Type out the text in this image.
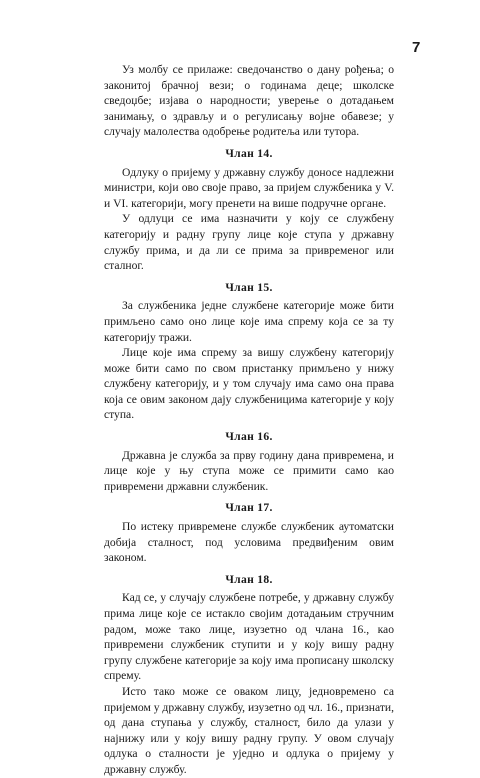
7

Уз молбу се прилаже: сведочанство о дану рођења; о законитој брачној вези; о годинама деце; школске сведоџбе; изјава о народности; уверење о дотадањем занимању, о здрављу и о регулисању војне обавезе; у случају малолества одобрење родитеља или тутора.

Члан 14.

Одлуку о пријему у државну службу доносе надлежни министри, који ово своје право, за пријем службеника у V. и VI. категорији, могу пренети на више подручне органе.

У одлуци се има назначити у коју се службену категорију и радну групу лице које ступа у државну службу прима, и да ли се прима за привременог или сталног.

Члан 15.

За службеника једне службене категорије може бити примљено само оно лице које има спрему која се за ту категорију тражи.

Лице које има спрему за вишу службену категорију може бити само по свом пристанку примљено у нижу службену категорију, и у том случају има само она права која се овим законом дају службеницима категорије у коју ступа.

Члан 16.

Државна је служба за прву годину дана привремена, и лице које у њу ступа може се примити само као привремени државни службеник.

Члан 17.

По истеку привремене службе службеник аутоматски добија сталност, под условима предвиђеним овим законом.

Члан 18.

Кад се, у случају службене потребе, у државну службу прима лице које се истакло својим дотадањим стручним радом, може тако лице, изузетно од члана 16., као привремени службеник ступити и у коју вишу радну групу службене категорије за коју има прописану школску спрему.

Исто тако може се оваком лицу, једновремено са пријемом у државну службу, изузетно од чл. 16., признати, од дана ступања у службу, сталност, било да улази у најнижу или у коју вишу радну групу. У овом случају одлука о сталности је уједно и одлука о пријему у државну службу.
